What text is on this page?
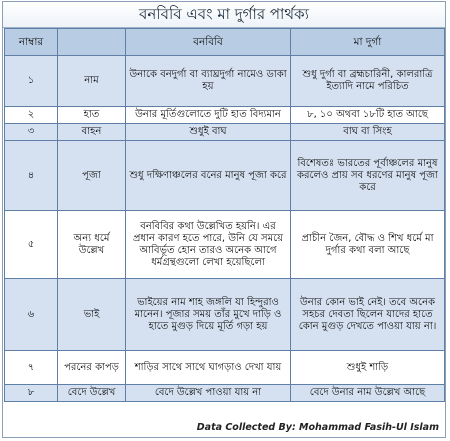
বনবিবি এবং মা দুর্গার পার্থক্য
নাম্বার		বনবিবি	মা দুর্গা
১	নাম	উনাকে বনদুর্গা বা ব্যাঘ্রদুর্গা নামেও ডাকা হয়	শুধু দুর্গা বা ব্রহ্মচারিনী, কালরাত্রি ইত্যাদি নামে পরিচিত
২	হাত	উনার মূর্তিগুলোতে দুটি হাত বিদ্যমান	৮, ১০ অথবা ১৮টি হাত আছে
৩	বাহন	শুধুই বাঘ	বাঘ বা সিংহ
৪	পূজা	শুধু দক্ষিণাঞ্চলের বনের মানুষ পূজা করে	বিশেষতঃ ভারতের পূর্বাঞ্চলের মানুষ করলেও প্রায় সব ধরণের মানুষ পূজা করে
৫	অন্য ধর্মে উল্লেখ	বনবিবির কথা উল্লেখিত হয়নি। এর প্রধান কারণ হতে পারে, উনি যে সময়ে আবির্ভূত হোন তারও অনেক আগে ধর্মগ্রন্থগুলো লেখা হয়েছিলো	প্রাচীন জৈন, বৌদ্ধ ও শিখ ধর্মে মা দুর্গার কথা বলা আছে
৬	ভাই	ভাইয়ের নাম শাহ জঙ্গলি যা হিন্দুরাও মানেন। পূজার সময় তাঁর মুখে দাড়ি ও হাতে মুগুড় দিয়ে মূর্তি গড়া হয়	উনার কোন ভাই নেই। তবে অনেক সহচর দেবতা ছিলেন যাদের হাতে কোন মুগুড় দেখতে পাওয়া যায় না।
৭	পরনের কাপড়	শাড়ির সাথে সাথে ঘাগড়াও দেখা যায়	শুধুই শাড়ি
৮	বেদে উল্লেখ	বেদে উল্লেখ পাওয়া যায় না	বেদে উনার নাম উল্লেখ আছে
Data Collected By: Mohammad Fasih-Ul Islam
